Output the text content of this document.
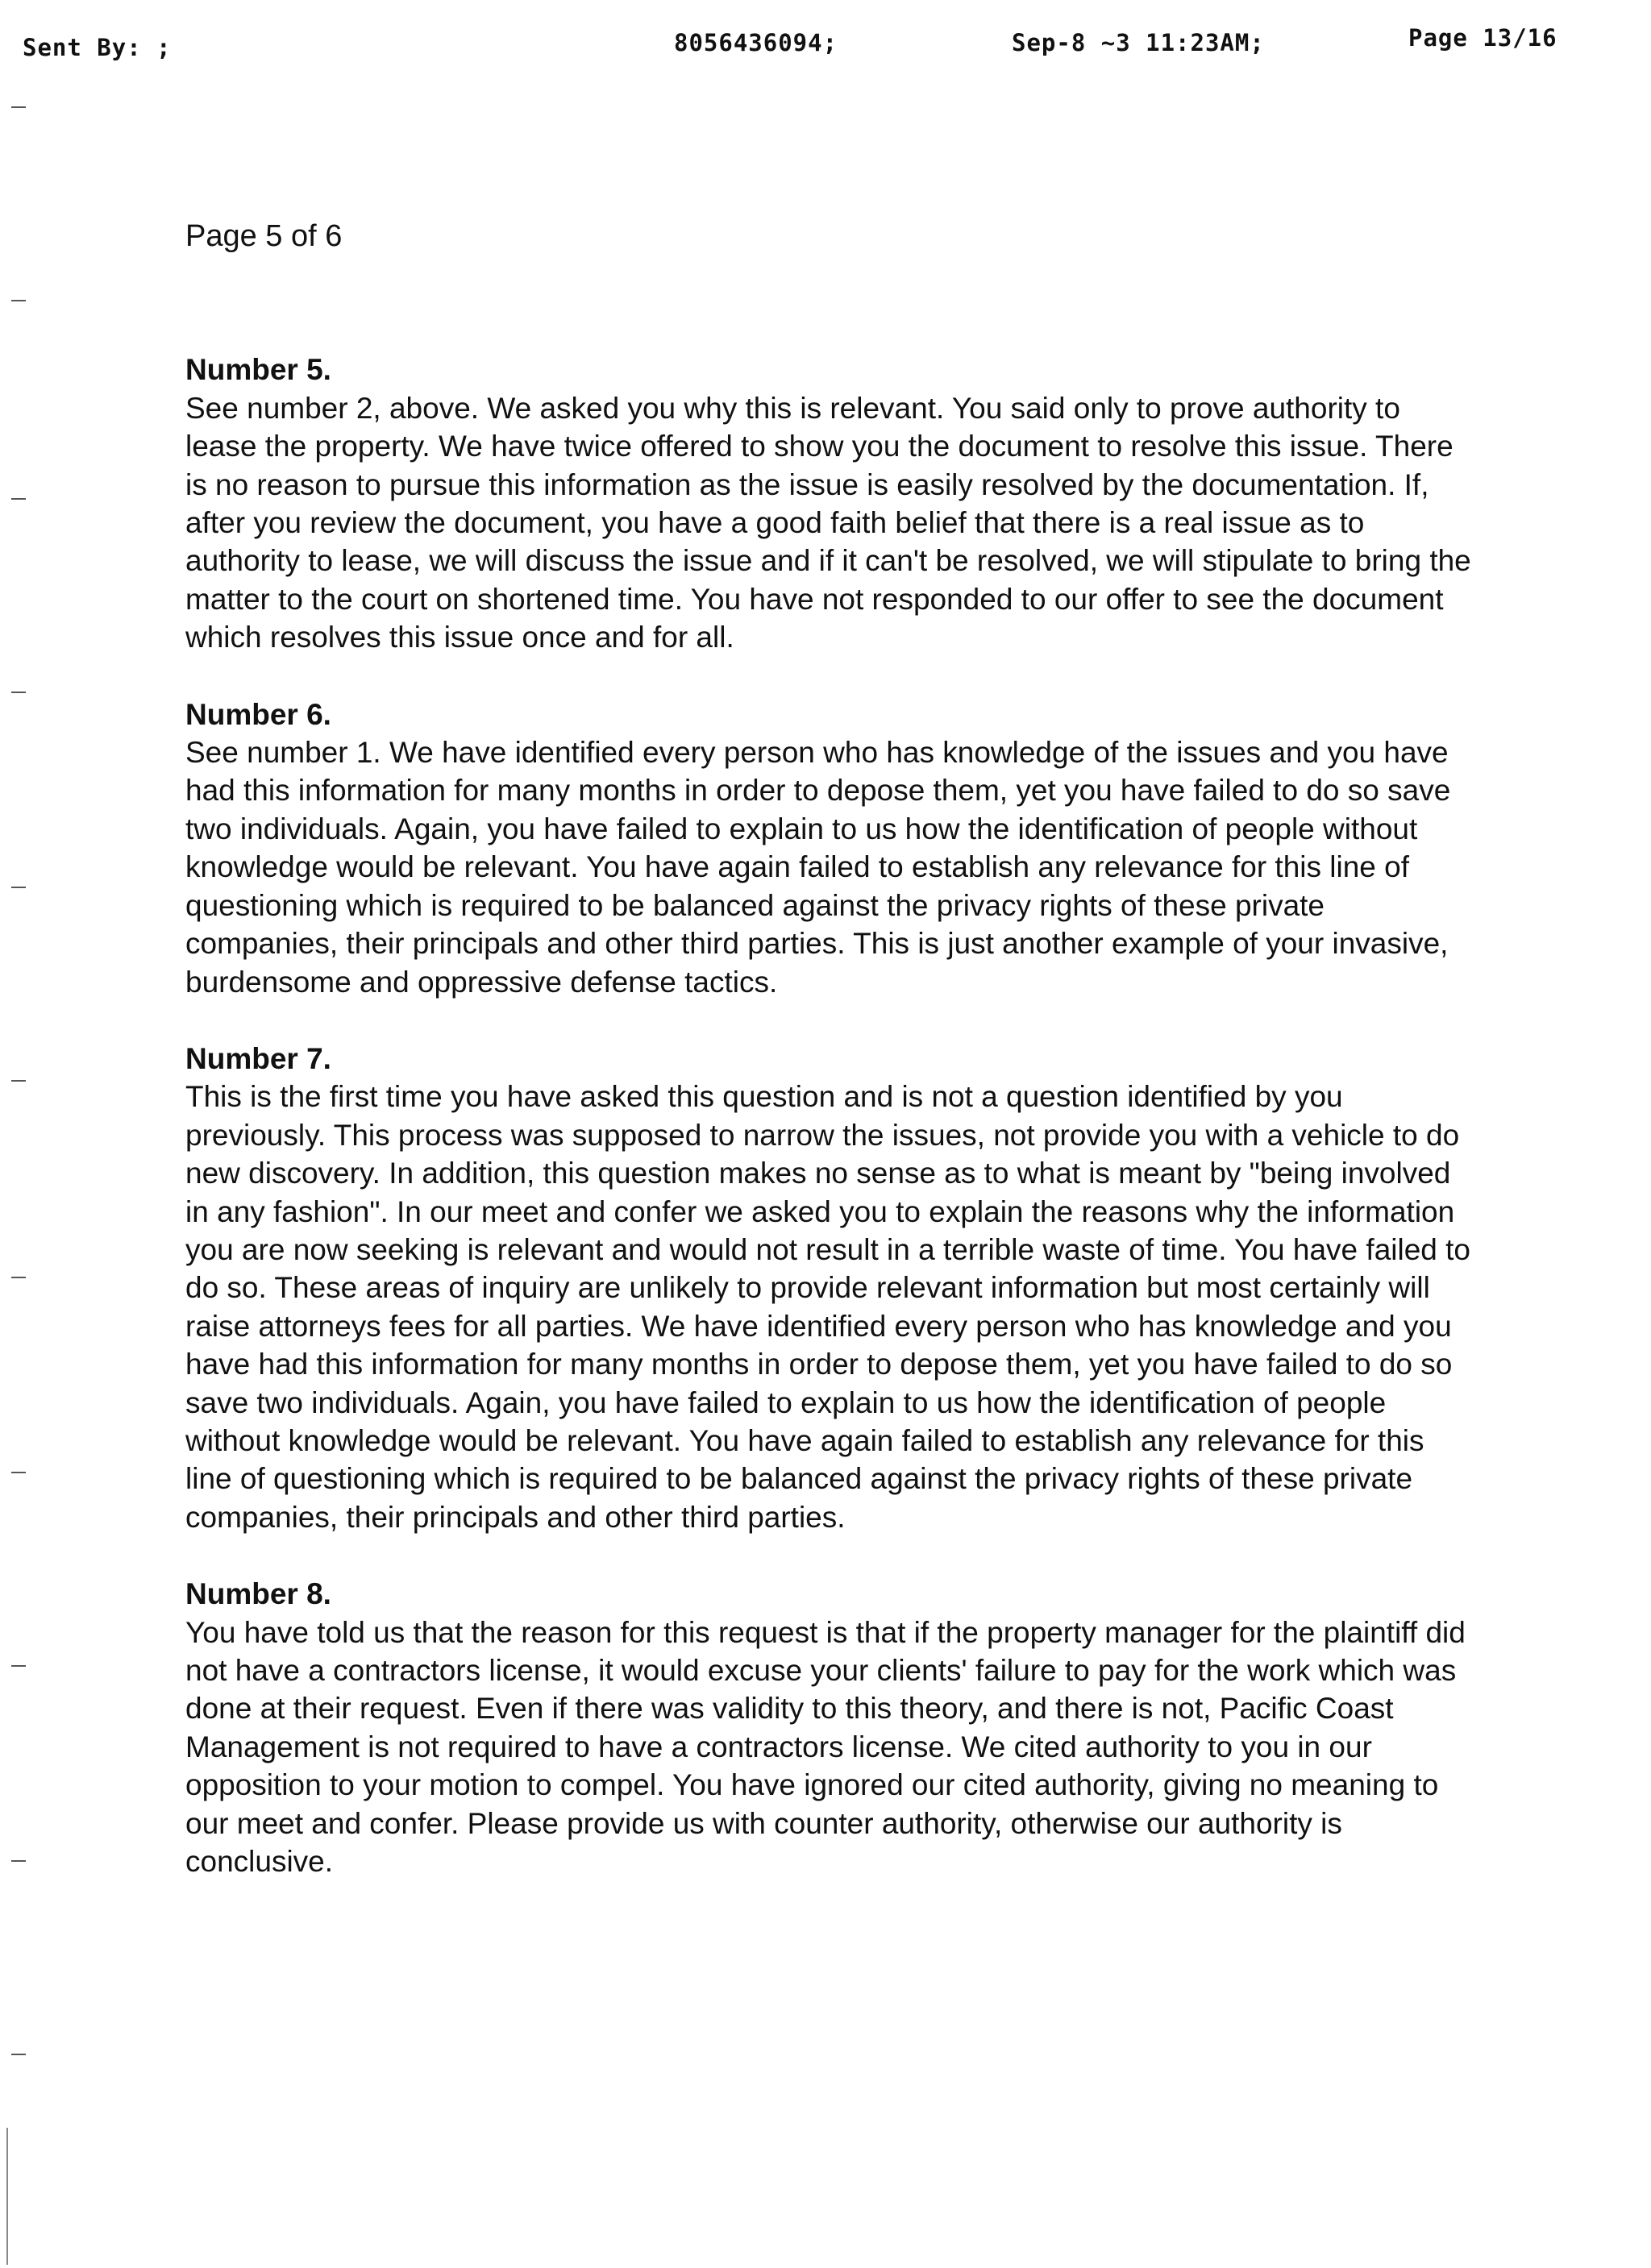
Sent By: ;	8056436094;	Sep-8 ~3 11:23AM;	Page 13/16
Page 5 of 6
Number 5.

See number 2, above. We asked you why this is relevant. You said only to prove authority to lease the property. We have twice offered to show you the document to resolve this issue. There is no reason to pursue this information as the issue is easily resolved by the documentation. If, after you review the document, you have a good faith belief that there is a real issue as to authority to lease, we will discuss the issue and if it can't be resolved, we will stipulate to bring the matter to the court on shortened time. You have not responded to our offer to see the document which resolves this issue once and for all.

Number 6.

See number 1. We have identified every person who has knowledge of the issues and you have had this information for many months in order to depose them, yet you have failed to do so save two individuals. Again, you have failed to explain to us how the identification of people without knowledge would be relevant. You have again failed to establish any relevance for this line of questioning which is required to be balanced against the privacy rights of these private companies, their principals and other third parties. This is just another example of your invasive, burdensome and oppressive defense tactics.

Number 7.

This is the first time you have asked this question and is not a question identified by you previously. This process was supposed to narrow the issues, not provide you with a vehicle to do new discovery. In addition, this question makes no sense as to what is meant by "being involved in any fashion". In our meet and confer we asked you to explain the reasons why the information you are now seeking is relevant and would not result in a terrible waste of time. You have failed to do so. These areas of inquiry are unlikely to provide relevant information but most certainly will raise attorneys fees for all parties. We have identified every person who has knowledge and you have had this information for many months in order to depose them, yet you have failed to do so save two individuals. Again, you have failed to explain to us how the identification of people without knowledge would be relevant. You have again failed to establish any relevance for this line of questioning which is required to be balanced against the privacy rights of these private companies, their principals and other third parties.

Number 8.

You have told us that the reason for this request is that if the property manager for the plaintiff did not have a contractors license, it would excuse your clients' failure to pay for the work which was done at their request. Even if there was validity to this theory, and there is not, Pacific Coast Management is not required to have a contractors license. We cited authority to you in our opposition to your motion to compel. You have ignored our cited authority, giving no meaning to our meet and confer. Please provide us with counter authority, otherwise our authority is conclusive.
